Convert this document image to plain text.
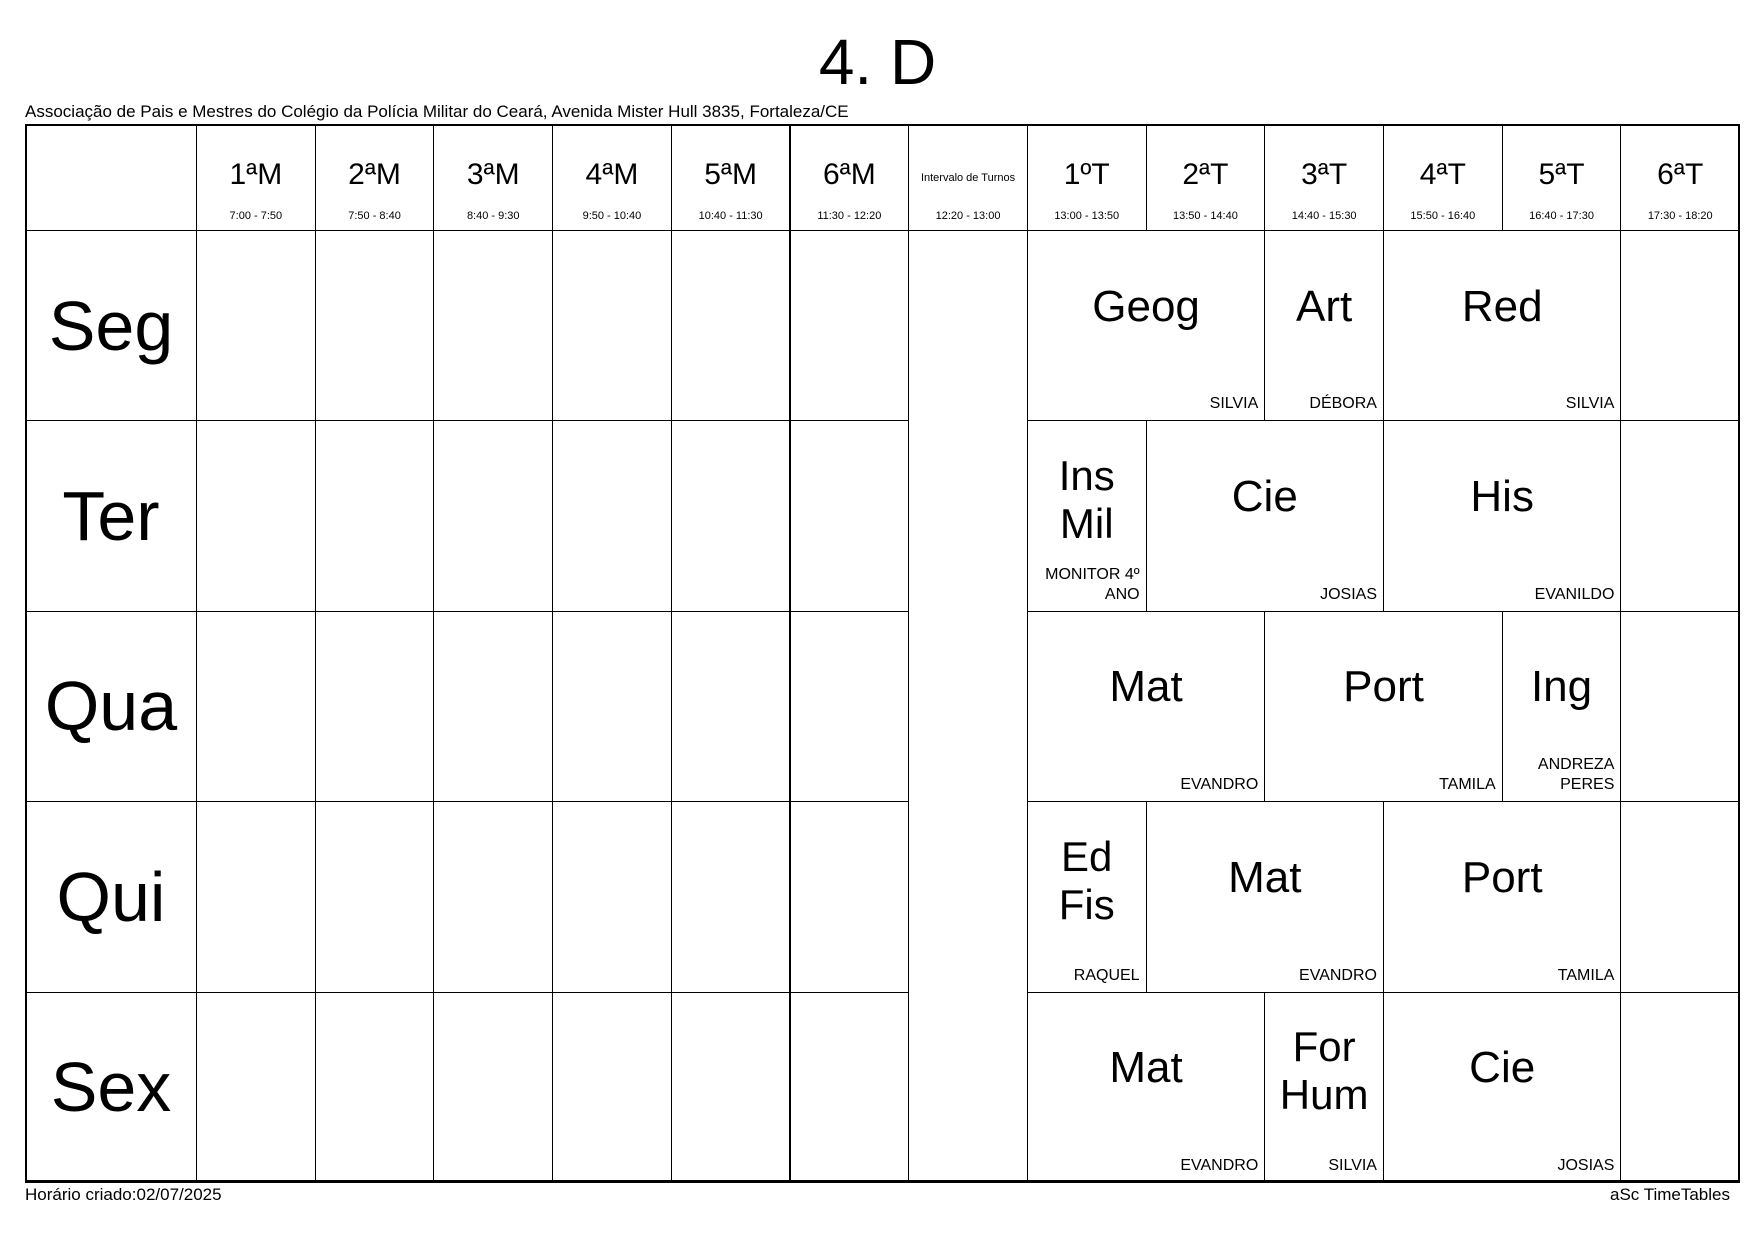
4. D
Associação de Pais e Mestres do Colégio da Polícia Militar do Ceará, Avenida Mister Hull 3835, Fortaleza/CE
1ªM
7:00 - 7:50
2ªM
7:50 - 8:40
3ªM
8:40 - 9:30
4ªM
9:50 - 10:40
5ªM
10:40 - 11:30
6ªM
11:30 - 12:20
Intervalo de Turnos
12:20 - 13:00
1ºT
13:00 - 13:50
2ªT
13:50 - 14:40
3ªT
14:40 - 15:30
4ªT
15:50 - 16:40
5ªT
16:40 - 17:30
6ªT
17:30 - 18:20
Seg
Ter
Qua
Qui
Sex
Geog
SILVIA
Art
DÉBORA
Red
SILVIA
Ins Mil
MONITOR 4º ANO
Cie
JOSIAS
His
EVANILDO
Mat
EVANDRO
Port
TAMILA
Ing
ANDREZA PERES
Ed Fis
RAQUEL
Mat
EVANDRO
Port
TAMILA
Mat
EVANDRO
For Hum
SILVIA
Cie
JOSIAS
Horário criado:02/07/2025	aSc TimeTables
